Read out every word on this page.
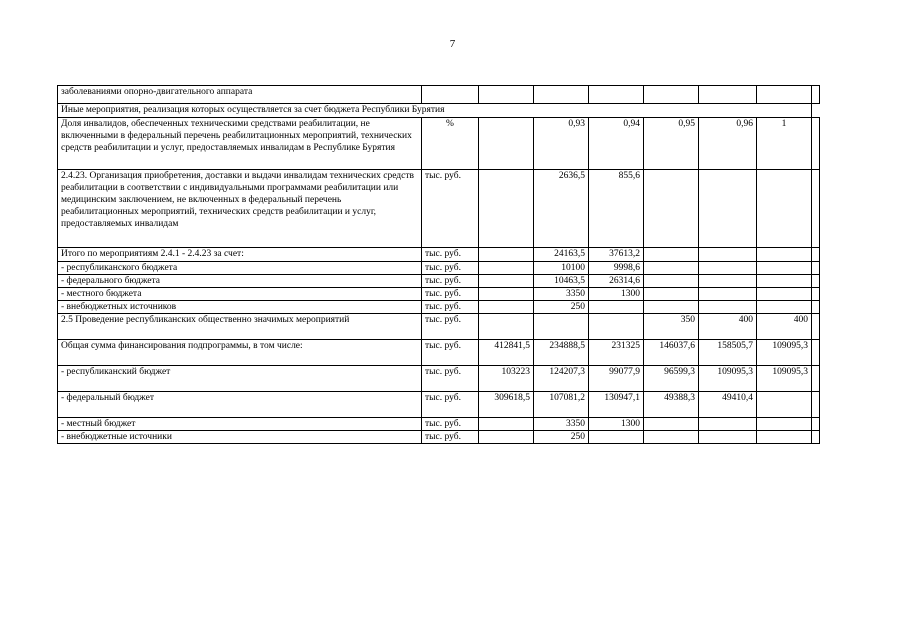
7
заболеваниями опорно-двигательного аппарата								
Иные мероприятия, реализация которых осуществляется за счет бюджета Республики Бурятия								
Доля инвалидов, обеспеченных техническими средствами реабилитации, не включенными в федеральный перечень реабилитационных мероприятий, технических средств реабилитации и услуг, предоставляемых инвалидам в Республике Бурятия	%		0,93	0,94	0,95	0,96	1	
2.4.23. Организация приобретения, доставки и выдачи инвалидам технических средств реабилитации в соответствии с индивидуальными программами реабилитации или медицинским заключением, не включенных в федеральный перечень реабилитационных мероприятий, технических средств реабилитации и услуг, предоставляемых инвалидам	тыс. руб.		2636,5	855,6				
Итого по мероприятиям 2.4.1 - 2.4.23 за счет:	тыс. руб.		24163,5	37613,2				
- республиканского бюджета	тыс. руб.		10100	9998,6				
- федерального бюджета	тыс. руб.		10463,5	26314,6				
- местного бюджета	тыс. руб.		3350	1300				
- внебюджетных источников	тыс. руб.		250					
2.5 Проведение республиканских общественно значимых мероприятий	тыс. руб.				350	400	400	
Общая сумма финансирования подпрограммы, в том числе:	тыс. руб.	412841,5	234888,5	231325	146037,6	158505,7	109095,3	
- республиканский бюджет	тыс. руб.	103223	124207,3	99077,9	96599,3	109095,3	109095,3	
- федеральный бюджет	тыс. руб.	309618,5	107081,2	130947,1	49388,3	49410,4		
- местный бюджет	тыс. руб.		3350	1300				
- внебюджетные источники	тыс. руб.		250					
